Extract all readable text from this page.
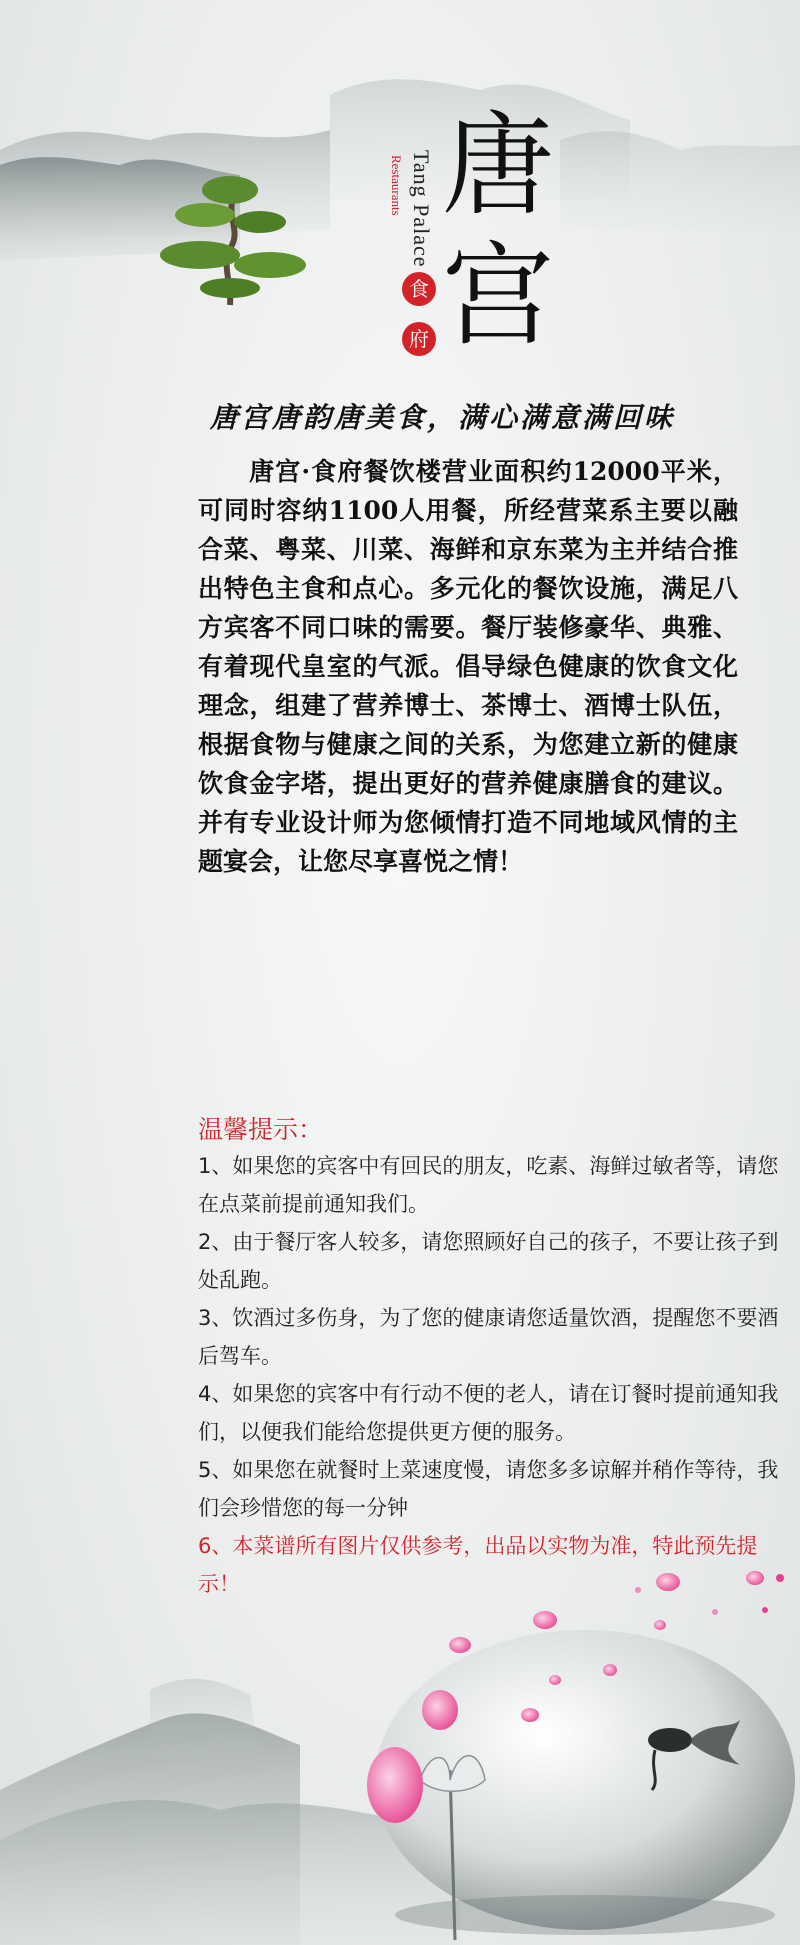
Tang Palace
Restaurants
食
府
唐
宫
唐宫唐韵唐美食，满心满意满回味
唐宫·食府餐饮楼营业面积约12000平米，可同时容纳1100人用餐，所经营菜系主要以融合菜、粤菜、川菜、海鲜和京东菜为主并结合推出特色主食和点心。多元化的餐饮设施，满足八方宾客不同口味的需要。餐厅装修豪华、典雅、有着现代皇室的气派。倡导绿色健康的饮食文化理念，组建了营养博士、茶博士、酒博士队伍，根据食物与健康之间的关系，为您建立新的健康饮食金字塔，提出更好的营养健康膳食的建议。并有专业设计师为您倾情打造不同地域风情的主题宴会，让您尽享喜悦之情！
温馨提示：
1、如果您的宾客中有回民的朋友，吃素、海鲜过敏者等，请您在点菜前提前通知我们。
2、由于餐厅客人较多，请您照顾好自己的孩子，不要让孩子到处乱跑。
3、饮酒过多伤身，为了您的健康请您适量饮酒，提醒您不要酒后驾车。
4、如果您的宾客中有行动不便的老人，请在订餐时提前通知我们，以便我们能给您提供更方便的服务。
5、如果您在就餐时上菜速度慢，请您多多谅解并稍作等待，我们会珍惜您的每一分钟
6、本菜谱所有图片仅供参考，出品以实物为准，特此预先提示！
